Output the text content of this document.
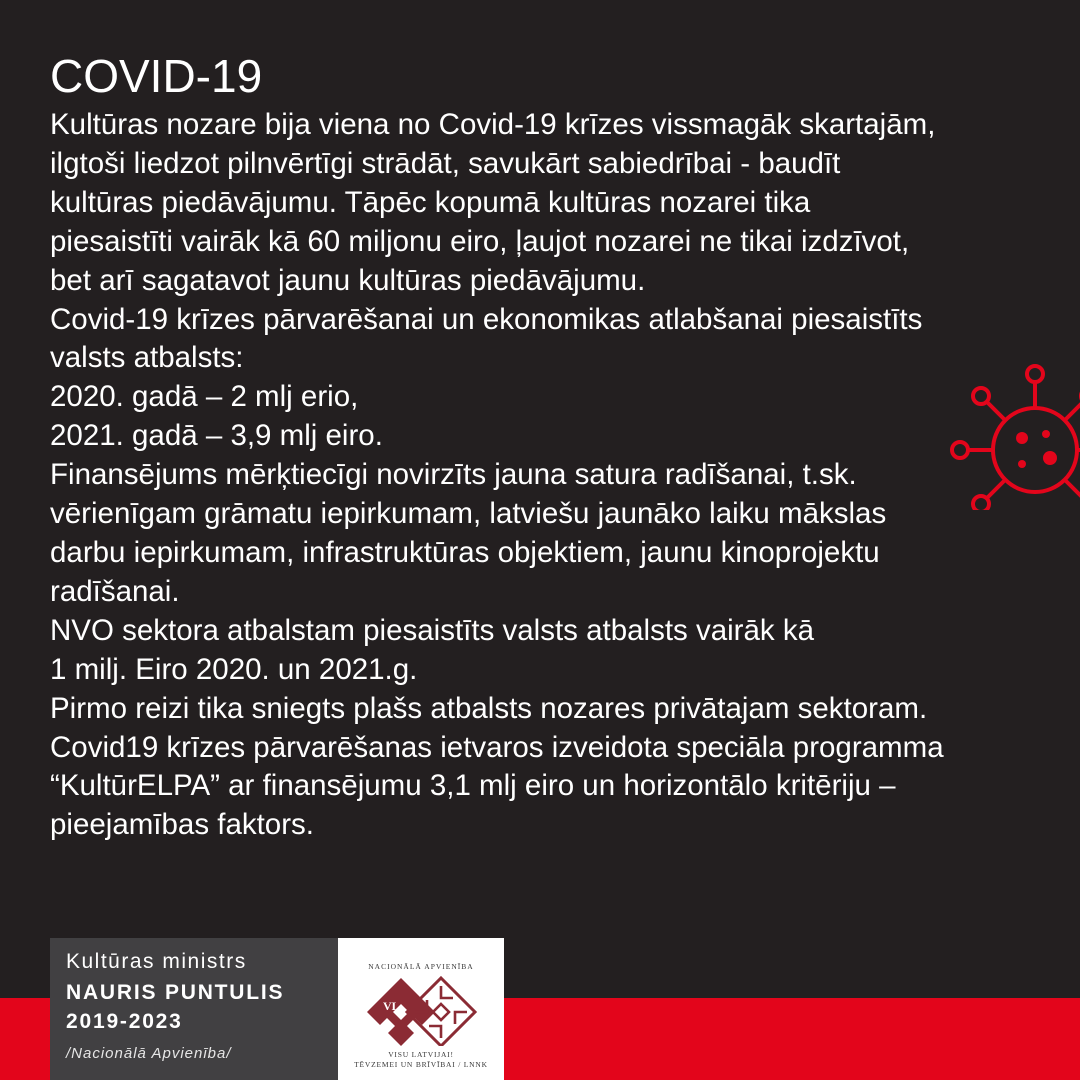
COVID-19
Kultūras nozare bija viena no Covid-19 krīzes vissmagāk skartajām,
ilgtoši liedzot pilnvērtīgi strādāt, savukārt sabiedrībai - baudīt
kultūras piedāvājumu. Tāpēc kopumā kultūras nozarei tika
piesaistīti vairāk kā 60 miljonu eiro, ļaujot nozarei ne tikai izdzīvot,
bet arī sagatavot jaunu kultūras piedāvājumu.
Covid-19 krīzes pārvarēšanai un ekonomikas atlabšanai piesaistīts
valsts atbalsts:
2020. gadā – 2 mlj erio,
2021. gadā – 3,9 mlj eiro.
Finansējums mērķtiecīgi novirzīts jauna satura radīšanai, t.sk.
vērienīgam grāmatu iepirkumam, latviešu jaunāko laiku mākslas
darbu iepirkumam, infrastruktūras objektiem, jaunu kinoprojektu
radīšanai.
NVO sektora atbalstam piesaistīts valsts atbalsts vairāk kā
1 milj. Eiro 2020. un 2021.g.
Pirmo reizi tika sniegts plašs atbalsts nozares privātajam sektoram.
Covid19 krīzes pārvarēšanas ietvaros izveidota speciāla programma
“KultūrELPA” ar finansējumu 3,1 mlj eiro un horizontālo kritēriju –
pieejamības faktors.
Kultūras ministrs
NAURIS PUNTULIS
2019-2023
/Nacionālā Apvienība/
NACIONĀLĀ APVIENĪBA
VL
VISU LATVIJAI!
TĒVZEMEI UN BRĪVĪBAI / LNNK
